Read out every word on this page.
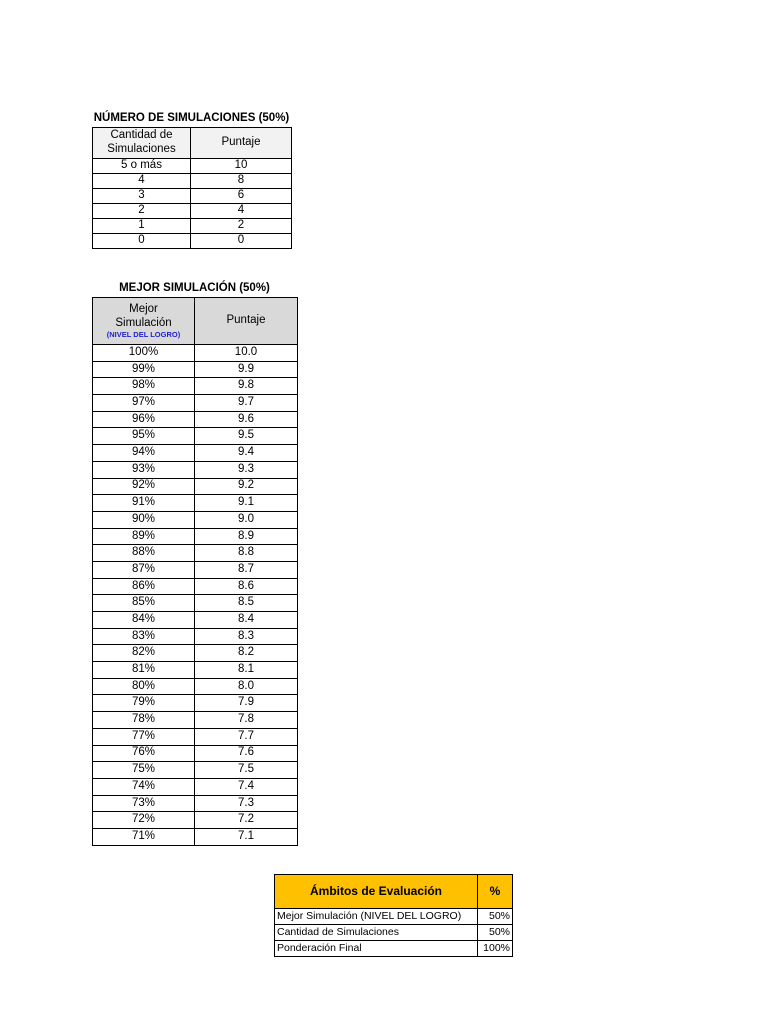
NÚMERO DE SIMULACIONES (50%)
Cantidad de
Simulaciones	Puntaje
5 o más	10
4	8
3	6
2	4
1	2
0	0
MEJOR SIMULACIÓN (50%)
Mejor
Simulación
(NIVEL DEL LOGRO)	Puntaje
100%	10.0
99%	9.9
98%	9.8
97%	9.7
96%	9.6
95%	9.5
94%	9.4
93%	9.3
92%	9.2
91%	9.1
90%	9.0
89%	8.9
88%	8.8
87%	8.7
86%	8.6
85%	8.5
84%	8.4
83%	8.3
82%	8.2
81%	8.1
80%	8.0
79%	7.9
78%	7.8
77%	7.7
76%	7.6
75%	7.5
74%	7.4
73%	7.3
72%	7.2
71%	7.1
Ámbitos de Evaluación	%
Mejor Simulación (NIVEL DEL LOGRO)	50%
Cantidad de Simulaciones	50%
Ponderación Final	100%
